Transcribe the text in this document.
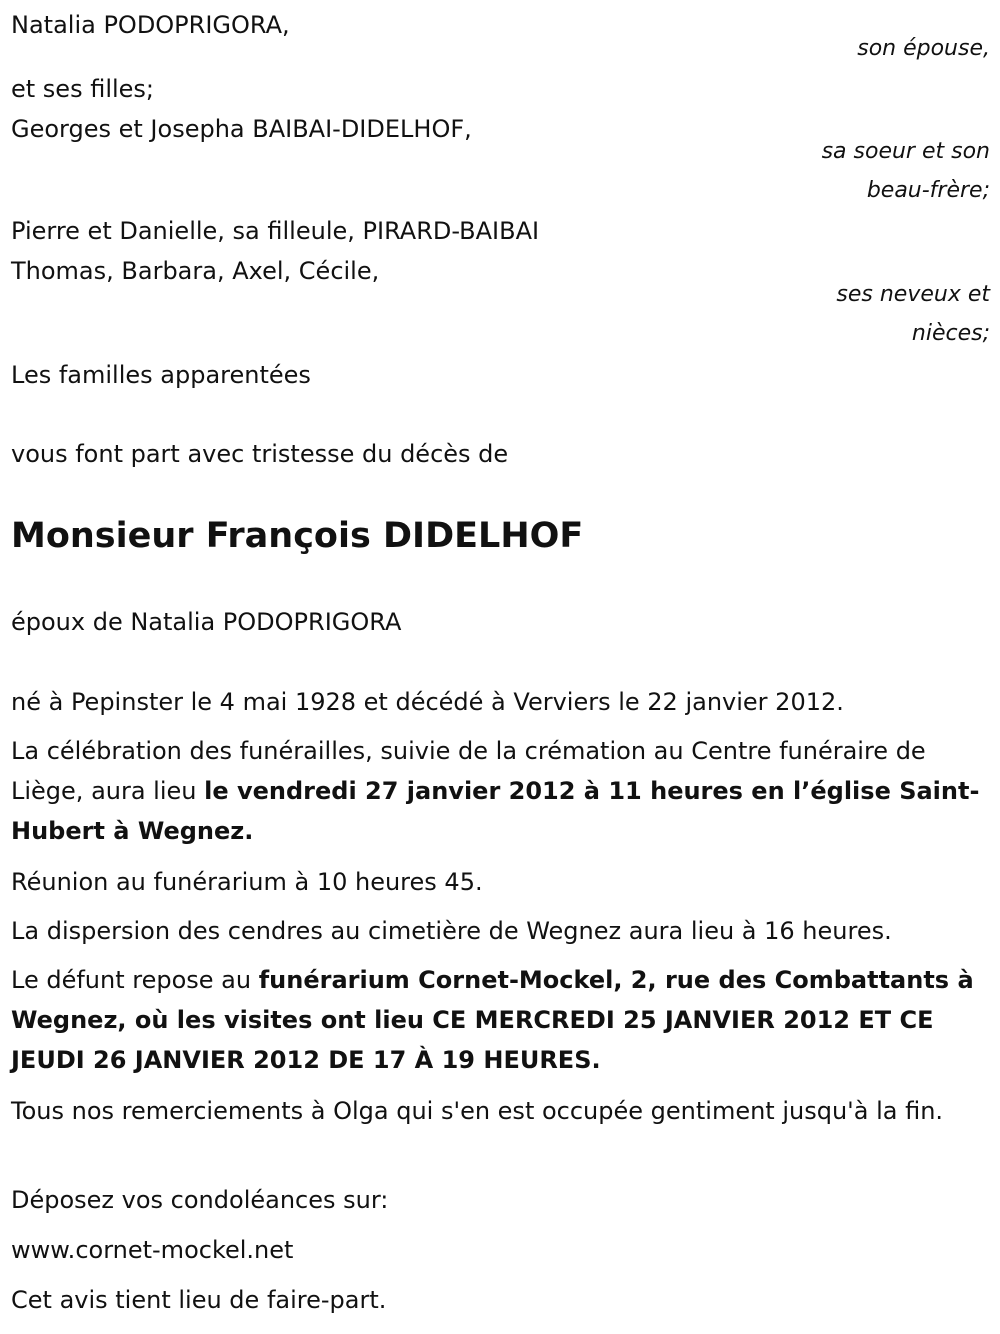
Natalia PODOPRIGORA,

son épouse,

et ses filles;

Georges et Josepha BAIBAI-DIDELHOF,

sa soeur et son

beau-frère;

Pierre et Danielle, sa filleule, PIRARD-BAIBAI

Thomas, Barbara, Axel, Cécile,

ses neveux et

nièces;

Les familles apparentées

vous font part avec tristesse du décès de

Monsieur François DIDELHOF

époux de Natalia PODOPRIGORA

né à Pepinster le 4 mai 1928 et décédé à Verviers le 22 janvier 2012.

La célébration des funérailles, suivie de la crémation au Centre funéraire de Liège, aura lieu le vendredi 27 janvier 2012 à 11 heures en l’église Saint-Hubert à Wegnez.

Réunion au funérarium à 10 heures 45.

La dispersion des cendres au cimetière de Wegnez aura lieu à 16 heures.

Le défunt repose au funérarium Cornet-Mockel, 2, rue des Combattants à Wegnez, où les visites ont lieu CE MERCREDI 25 JANVIER 2012 ET CE JEUDI 26 JANVIER 2012 DE 17 À 19 HEURES.

Tous nos remerciements à Olga qui s'en est occupée gentiment jusqu'à la fin.

Déposez vos condoléances sur:

www.cornet-mockel.net

Cet avis tient lieu de faire-part.
